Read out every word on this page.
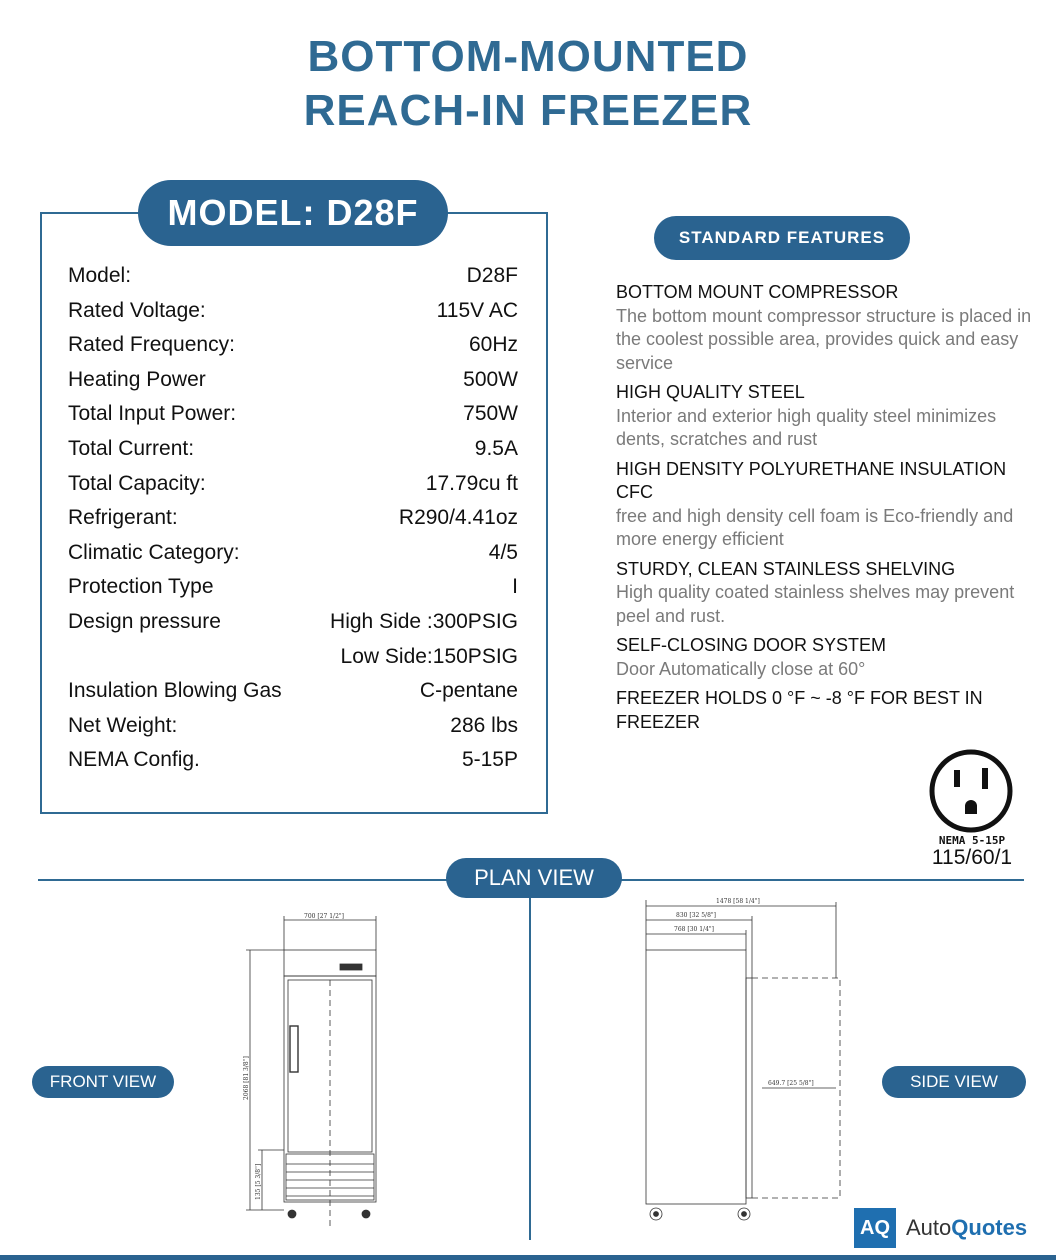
BOTTOM-MOUNTED
REACH-IN FREEZER
MODEL: D28F
Model:	D28F
Rated Voltage:	115V AC
Rated Frequency:	60Hz
Heating Power	500W
Total Input Power:	750W
Total Current:	9.5A
Total Capacity:	17.79cu ft
Refrigerant:	R290/4.41oz
Climatic Category:	4/5
Protection Type	I
Design pressure	High Side :300PSIG
Low Side:150PSIG
Insulation Blowing Gas	C-pentane
Net Weight:	286 lbs
NEMA Config.	5-15P
STANDARD FEATURES
BOTTOM MOUNT COMPRESSOR
The bottom mount compressor structure is placed in the coolest possible area, provides quick and easy service
HIGH QUALITY STEEL
Interior and exterior high quality steel minimizes dents, scratches and rust
HIGH DENSITY POLYURETHANE INSULATION CFC
free and high density cell foam is Eco-friendly and more energy efficient
STURDY, CLEAN STAINLESS SHELVING
High quality coated stainless shelves may prevent peel and rust.
SELF-CLOSING DOOR SYSTEM
Door Automatically close at 60°
FREEZER HOLDS 0 °F ~ -8 °F FOR BEST IN FREEZER
NEMA 5-15P
115/60/1
PLAN VIEW
FRONT VIEW	SIDE VIEW
700 [27 1/2"]
2068 [81 3/8"]
135 [5 3/8"]
1478 [58 1/4"]
830 [32 5/8"]
768 [30 1/4"]
649.7 [25 5/8"]
AQ AutoQuotes
